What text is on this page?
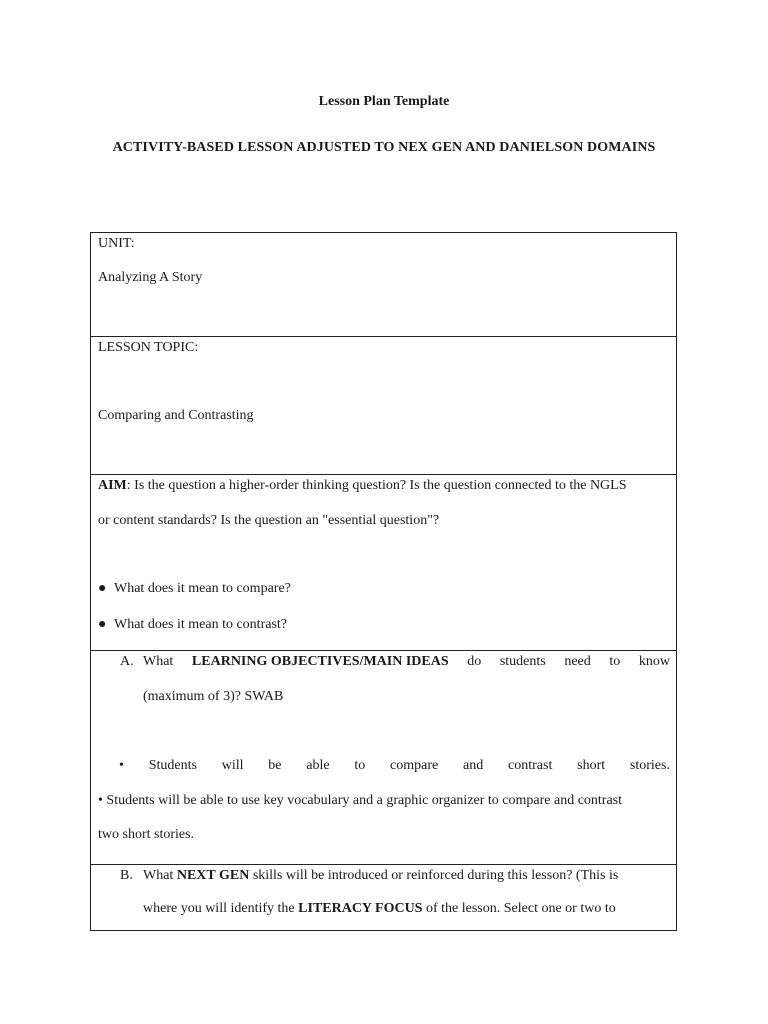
Lesson Plan Template
ACTIVITY-BASED LESSON ADJUSTED TO NEX GEN AND DANIELSON DOMAINS
UNIT:
Analyzing A Story
LESSON TOPIC:
Comparing and Contrasting
AIM: Is the question a higher-order thinking question? Is the question connected to the NGLS
or content standards? Is the question an "essential question"?
● What does it mean to compare?
● What does it mean to contrast?
A. What LEARNING OBJECTIVES/MAIN IDEAS do students need to know
(maximum of 3)? SWAB
• Students will be able to compare and contrast short stories.
• Students will be able to use key vocabulary and a graphic organizer to compare and contrast
two short stories.
B. What NEXT GEN skills will be introduced or reinforced during this lesson? (This is
where you will identify the LITERACY FOCUS of the lesson. Select one or two to
